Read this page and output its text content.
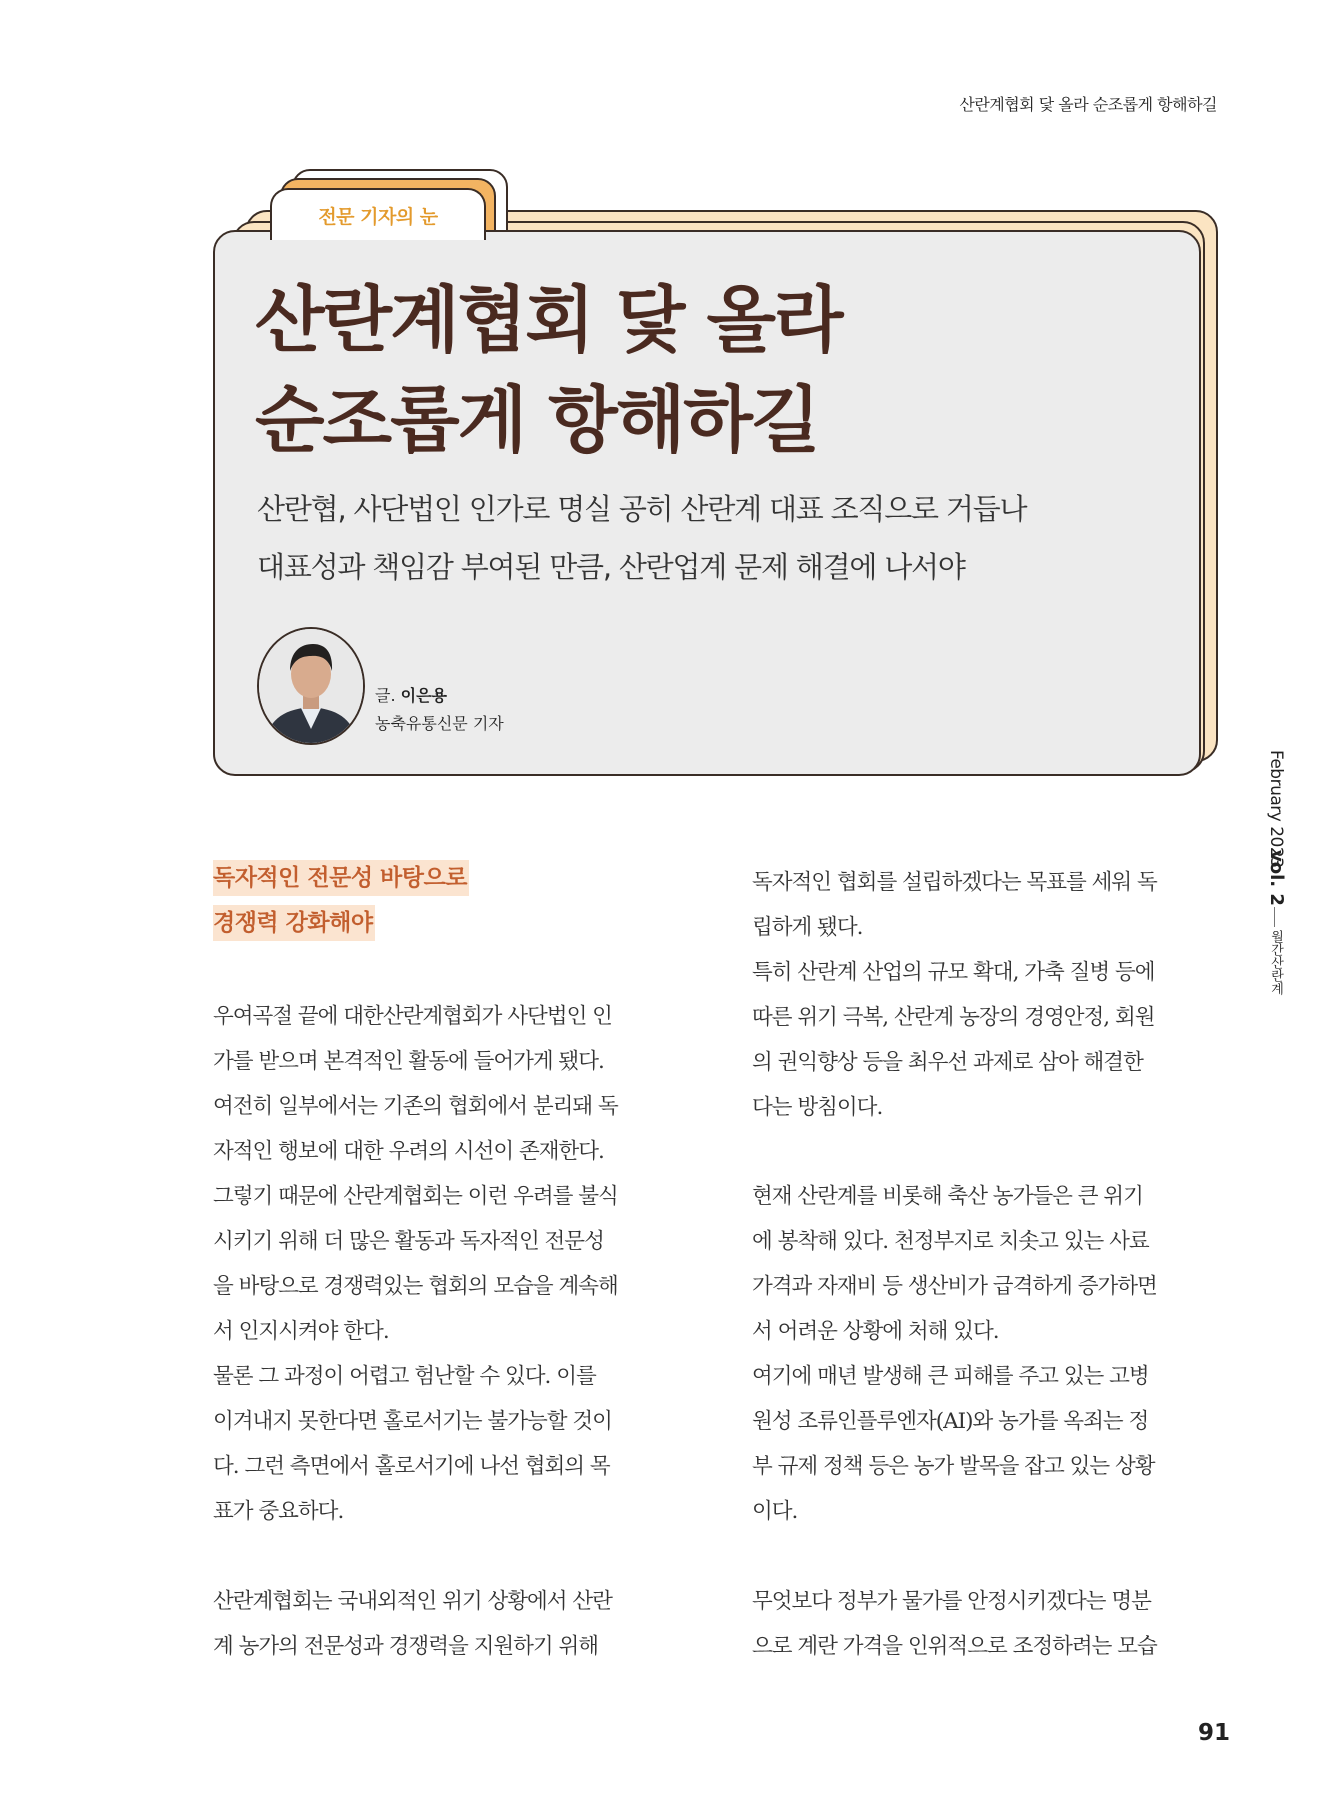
산란계협회 닻 올라 순조롭게 항해하길
전문 기자의 눈
산란계협회 닻 올라
순조롭게 항해하길
산란협, 사단법인 인가로 명실 공히 산란계 대표 조직으로 거듭나
대표성과 책임감 부여된 만큼, 산란업계 문제 해결에 나서야
글. 이은용
농축유통신문 기자
독자적인 전문성 바탕으로
경쟁력 강화해야
우여곡절 끝에 대한산란계협회가 사단법인 인
가를 받으며 본격적인 활동에 들어가게 됐다.
여전히 일부에서는 기존의 협회에서 분리돼 독
자적인 행보에 대한 우려의 시선이 존재한다.
그렇기 때문에 산란계협회는 이런 우려를 불식
시키기 위해 더 많은 활동과 독자적인 전문성
을 바탕으로 경쟁력있는 협회의 모습을 계속해
서 인지시켜야 한다.
물론 그 과정이 어렵고 험난할 수 있다. 이를
이겨내지 못한다면 홀로서기는 불가능할 것이
다. 그런 측면에서 홀로서기에 나선 협회의 목
표가 중요하다.
산란계협회는 국내외적인 위기 상황에서 산란
계 농가의 전문성과 경쟁력을 지원하기 위해
독자적인 협회를 설립하겠다는 목표를 세워 독
립하게 됐다.
특히 산란계 산업의 규모 확대, 가축 질병 등에
따른 위기 극복, 산란계 농장의 경영안정, 회원
의 권익향상 등을 최우선 과제로 삼아 해결한
다는 방침이다.
현재 산란계를 비롯해 축산 농가들은 큰 위기
에 봉착해 있다. 천정부지로 치솟고 있는 사료
가격과 자재비 등 생산비가 급격하게 증가하면
서 어려운 상황에 처해 있다.
여기에 매년 발생해 큰 피해를 주고 있는 고병
원성 조류인플루엔자(AI)와 농가를 옥죄는 정
부 규제 정책 등은 농가 발목을 잡고 있는 상황
이다.
무엇보다 정부가 물가를 안정시키겠다는 명분
으로 계란 가격을 인위적으로 조정하려는 모습
February 2023
vol. 2
월간산란계
91
